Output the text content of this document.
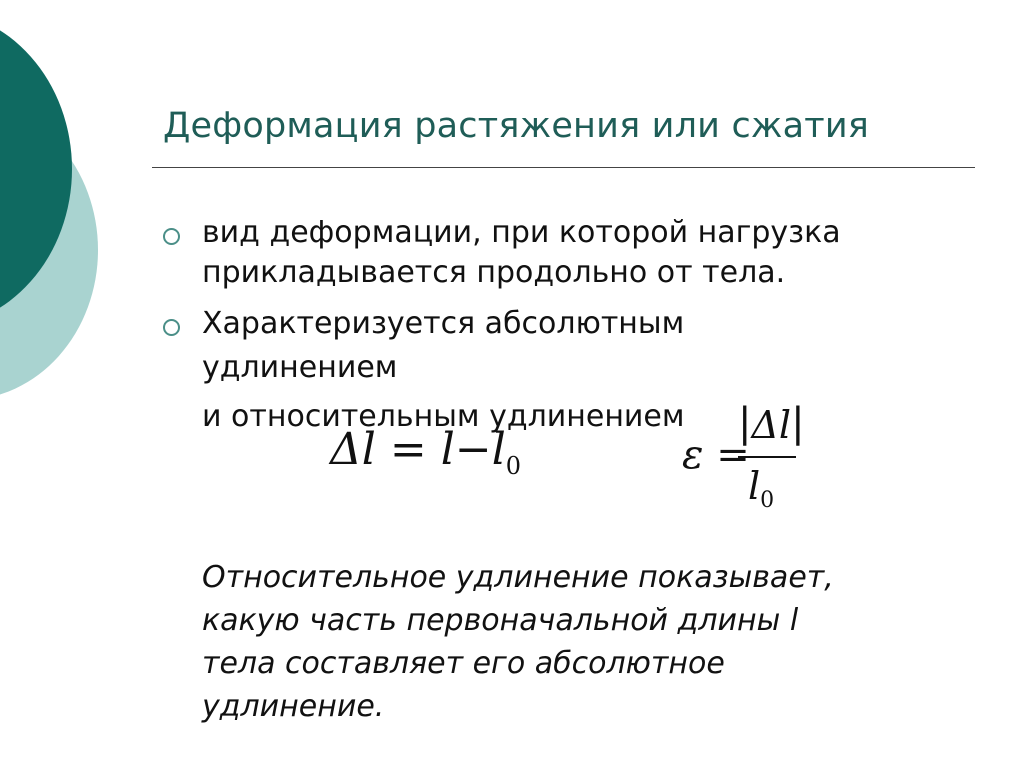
Деформация растяжения или сжатия
вид деформации, при которой нагрузка
прикладывается продольно от тела.
Характеризуется абсолютным
удлинением
и относительным удлинением
$\Delta l = l-l_0$	ε =
|Δl|
$l_0$
Относительное удлинение показывает,
какую часть первоначальной длины l
тела составляет его абсолютное
удлинение.
